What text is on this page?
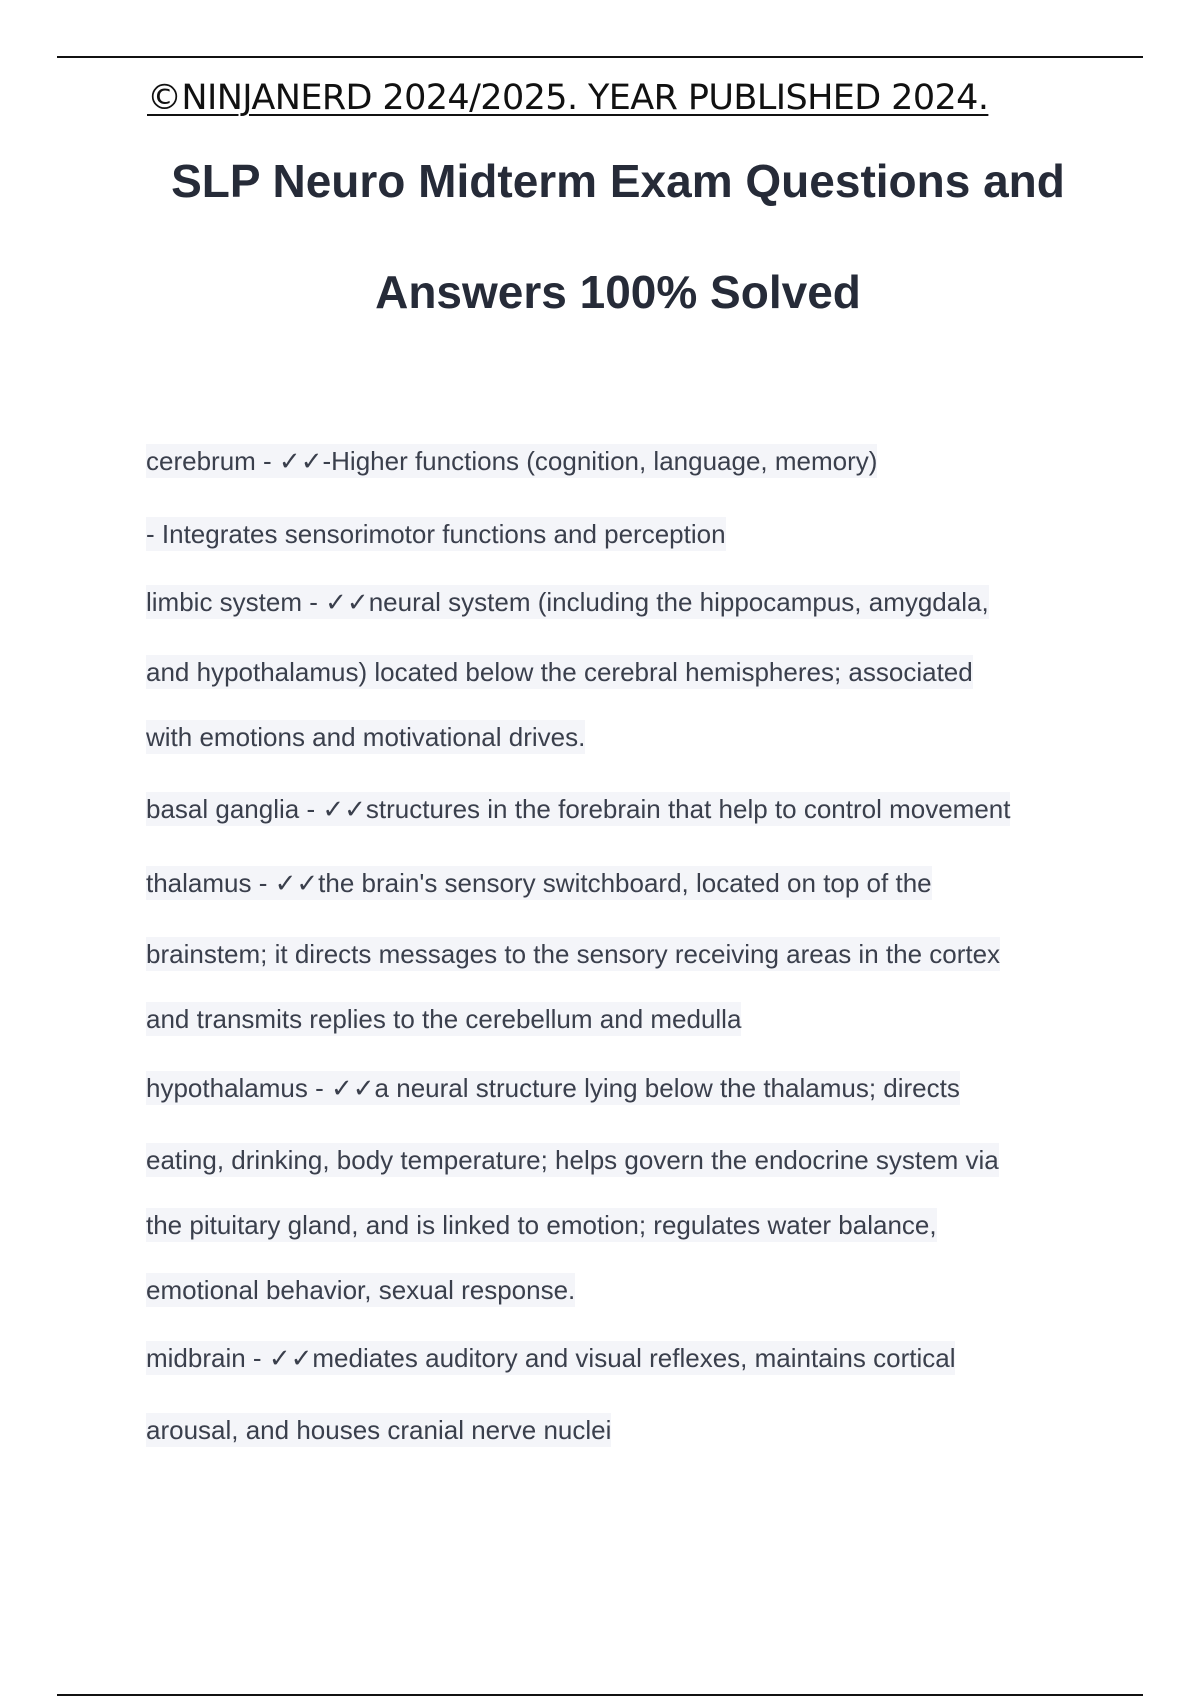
©NINJANERD 2024/2025. YEAR PUBLISHED 2024.
SLP Neuro Midterm Exam Questions and
Answers 100% Solved
cerebrum - ✓✓-Higher functions (cognition, language, memory)
- Integrates sensorimotor functions and perception
limbic system - ✓✓neural system (including the hippocampus, amygdala,
and hypothalamus) located below the cerebral hemispheres; associated
with emotions and motivational drives.
basal ganglia - ✓✓structures in the forebrain that help to control movement
thalamus - ✓✓the brain's sensory switchboard, located on top of the
brainstem; it directs messages to the sensory receiving areas in the cortex
and transmits replies to the cerebellum and medulla
hypothalamus - ✓✓a neural structure lying below the thalamus; directs
eating, drinking, body temperature; helps govern the endocrine system via
the pituitary gland, and is linked to emotion; regulates water balance,
emotional behavior, sexual response.
midbrain - ✓✓mediates auditory and visual reflexes, maintains cortical
arousal, and houses cranial nerve nuclei
